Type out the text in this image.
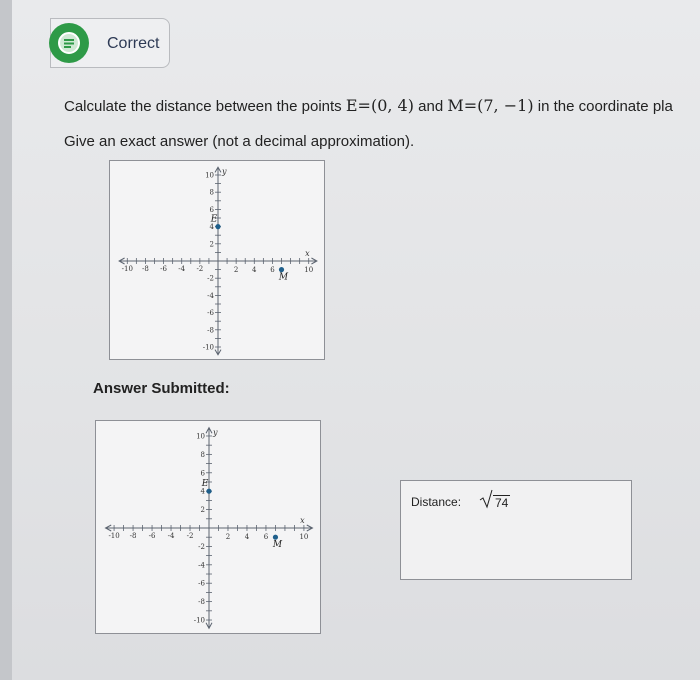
Correct
Calculate the distance between the points E=(0, 4) and M=(7, −1) in the coordinate pla
Give an exact answer (not a decimal approximation).
-10 -8 -6 -4 -2	2 4 6	10
10
8
6
4
2
-2
-4
-6
-8
-10
x
y
E
M
Answer Submitted:
-10 -8 -6 -4 -2	2 4 6	10
10
8
6
4
2
-2
-4
-6
-8
-10
x
y
E
M
Distance:	74
